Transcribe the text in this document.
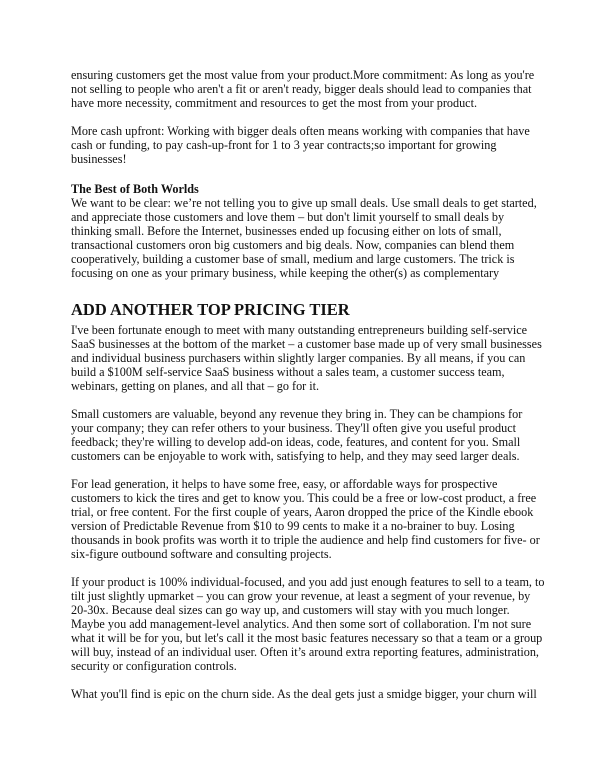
ensuring customers get the most value from your product.More commitment: As long as you're
not selling to people who aren't a fit or aren't ready, bigger deals should lead to companies that
have more necessity, commitment and resources to get the most from your product.
More cash upfront: Working with bigger deals often means working with companies that have
cash or funding, to pay cash-up-front for 1 to 3 year contracts;so important for growing
businesses!
The Best of Both Worlds
We want to be clear: we’re not telling you to give up small deals. Use small deals to get started,
and appreciate those customers and love them – but don't limit yourself to small deals by
thinking small. Before the Internet, businesses ended up focusing either on lots of small,
transactional customers oron big customers and big deals. Now, companies can blend them
cooperatively, building a customer base of small, medium and large customers. The trick is
focusing on one as your primary business, while keeping the other(s) as complementary
ADD ANOTHER TOP PRICING TIER
I've been fortunate enough to meet with many outstanding entrepreneurs building self-service
SaaS businesses at the bottom of the market – a customer base made up of very small businesses
and individual business purchasers within slightly larger companies. By all means, if you can
build a $100M self-service SaaS business without a sales team, a customer success team,
webinars, getting on planes, and all that – go for it.
Small customers are valuable, beyond any revenue they bring in. They can be champions for
your company; they can refer others to your business. They'll often give you useful product
feedback; they're willing to develop add-on ideas, code, features, and content for you. Small
customers can be enjoyable to work with, satisfying to help, and they may seed larger deals.
For lead generation, it helps to have some free, easy, or affordable ways for prospective
customers to kick the tires and get to know you. This could be a free or low-cost product, a free
trial, or free content. For the first couple of years, Aaron dropped the price of the Kindle ebook
version of Predictable Revenue from $10 to 99 cents to make it a no-brainer to buy. Losing
thousands in book profits was worth it to triple the audience and help find customers for five- or
six-figure outbound software and consulting projects.
If your product is 100% individual-focused, and you add just enough features to sell to a team, to
tilt just slightly upmarket – you can grow your revenue, at least a segment of your revenue, by
20-30x. Because deal sizes can go way up, and customers will stay with you much longer.
Maybe you add management-level analytics. And then some sort of collaboration. I'm not sure
what it will be for you, but let's call it the most basic features necessary so that a team or a group
will buy, instead of an individual user. Often it’s around extra reporting features, administration,
security or configuration controls.
What you'll find is epic on the churn side. As the deal gets just a smidge bigger, your churn will
